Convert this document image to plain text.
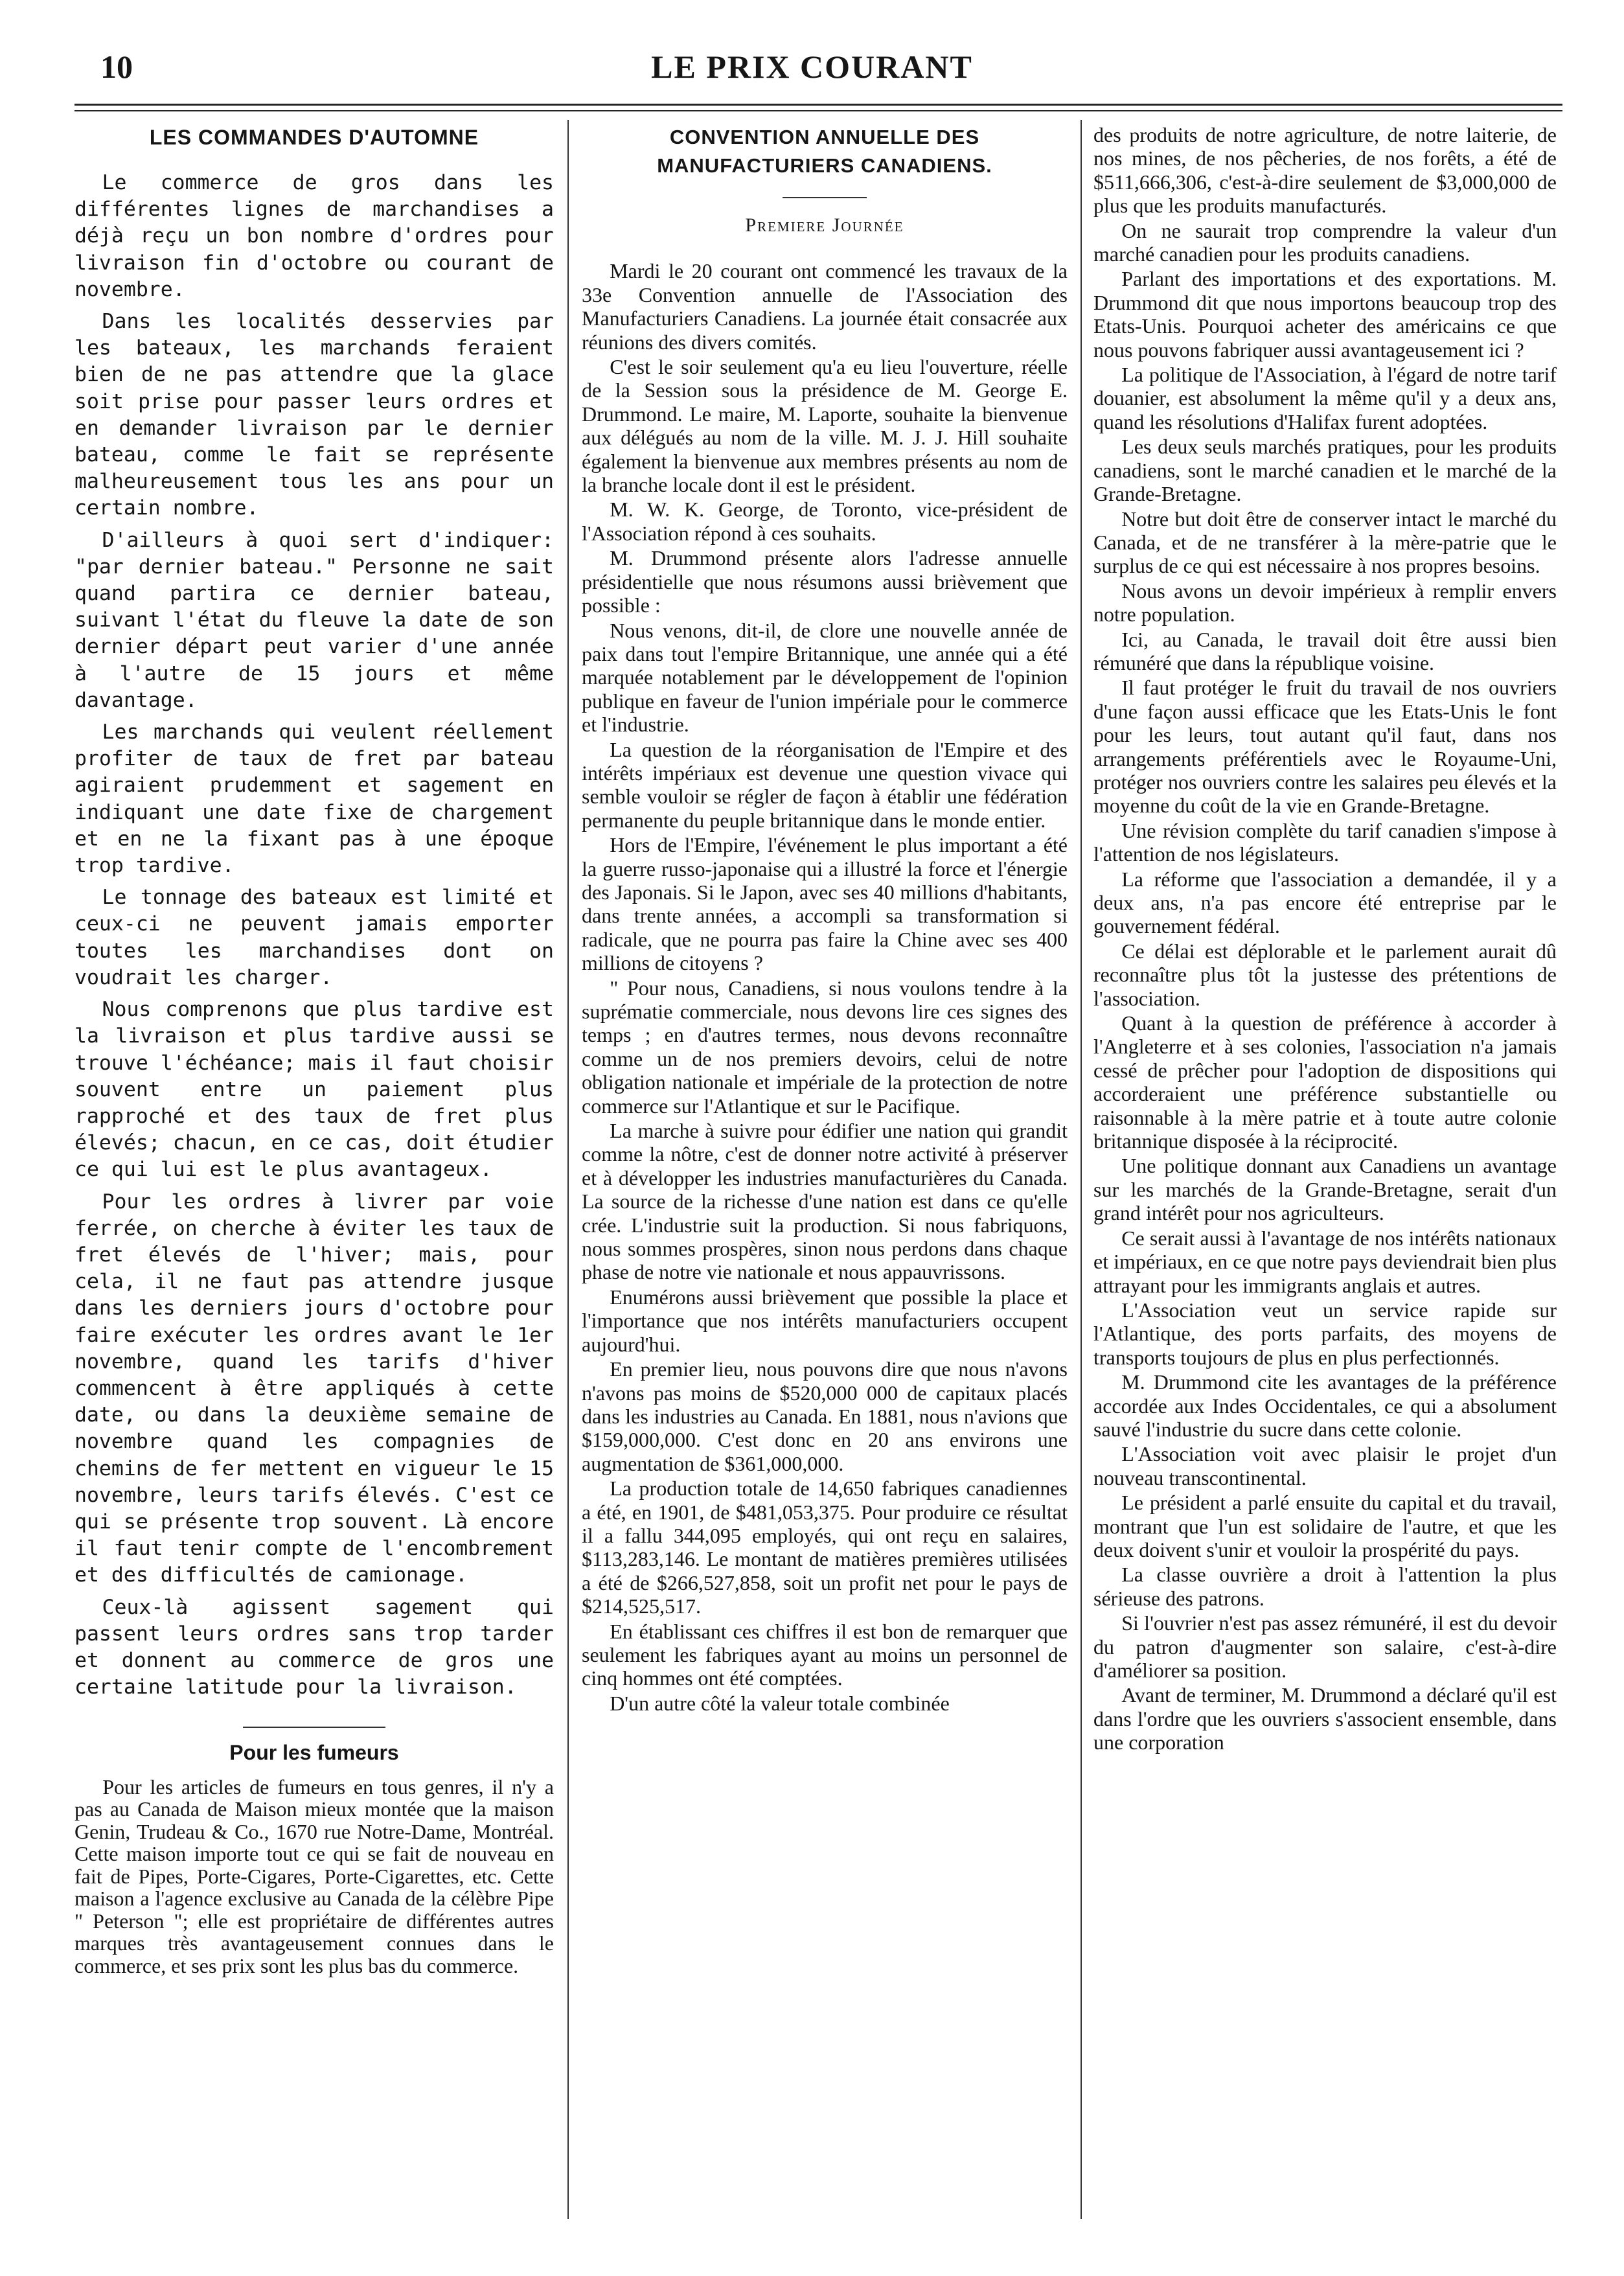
10	LE PRIX COURANT
LES COMMANDES D'AUTOMNE

Le commerce de gros dans les différentes lignes de marchandises a déjà reçu un bon nombre d'ordres pour livraison fin d'octobre ou courant de novembre.

Dans les localités desservies par les bateaux, les marchands feraient bien de ne pas attendre que la glace soit prise pour passer leurs ordres et en demander livraison par le dernier bateau, comme le fait se représente malheureusement tous les ans pour un certain nombre.

D'ailleurs à quoi sert d'indiquer: "par dernier bateau." Personne ne sait quand partira ce dernier bateau, suivant l'état du fleuve la date de son dernier départ peut varier d'une année à l'autre de 15 jours et même davantage.

Les marchands qui veulent réellement profiter de taux de fret par bateau agiraient prudemment et sagement en indiquant une date fixe de chargement et en ne la fixant pas à une époque trop tardive.

Le tonnage des bateaux est limité et ceux-ci ne peuvent jamais emporter toutes les marchandises dont on voudrait les charger.

Nous comprenons que plus tardive est la livraison et plus tardive aussi se trouve l'échéance; mais il faut choisir souvent entre un paiement plus rapproché et des taux de fret plus élevés; chacun, en ce cas, doit étudier ce qui lui est le plus avantageux.

Pour les ordres à livrer par voie ferrée, on cherche à éviter les taux de fret élevés de l'hiver; mais, pour cela, il ne faut pas attendre jusque dans les derniers jours d'octobre pour faire exécuter les ordres avant le 1er novembre, quand les tarifs d'hiver commencent à être appliqués à cette date, ou dans la deuxième semaine de novembre quand les compagnies de chemins de fer mettent en vigueur le 15 novembre, leurs tarifs élevés. C'est ce qui se présente trop souvent. Là encore il faut tenir compte de l'encombrement et des difficultés de camionage.

Ceux-là agissent sagement qui passent leurs ordres sans trop tarder et donnent au commerce de gros une certaine latitude pour la livraison.

Pour les fumeurs

Pour les articles de fumeurs en tous genres, il n'y a pas au Canada de Maison mieux montée que la maison Genin, Trudeau & Co., 1670 rue Notre-Dame, Montréal. Cette maison importe tout ce qui se fait de nouveau en fait de Pipes, Porte-Cigares, Porte-Cigarettes, etc. Cette maison a l'agence exclusive au Canada de la célèbre Pipe " Peterson "; elle est propriétaire de différentes autres marques très avantageusement connues dans le commerce, et ses prix sont les plus bas du commerce.

CONVENTION ANNUELLE DES MANUFACTURIERS CANADIENS.
Premiere Journée

Mardi le 20 courant ont commencé les travaux de la 33e Convention annuelle de l'Association des Manufacturiers Canadiens. La journée était consacrée aux réunions des divers comités.

C'est le soir seulement qu'a eu lieu l'ouverture, réelle de la Session sous la présidence de M. George E. Drummond. Le maire, M. Laporte, souhaite la bienvenue aux délégués au nom de la ville. M. J. J. Hill souhaite également la bienvenue aux membres présents au nom de la branche locale dont il est le président.

M. W. K. George, de Toronto, vice-président de l'Association répond à ces souhaits.

M. Drummond présente alors l'adresse annuelle présidentielle que nous résumons aussi brièvement que possible :

Nous venons, dit-il, de clore une nouvelle année de paix dans tout l'empire Britannique, une année qui a été marquée notablement par le développement de l'opinion publique en faveur de l'union impériale pour le commerce et l'industrie.

La question de la réorganisation de l'Empire et des intérêts impériaux est devenue une question vivace qui semble vouloir se régler de façon à établir une fédération permanente du peuple britannique dans le monde entier.

Hors de l'Empire, l'événement le plus important a été la guerre russo-japonaise qui a illustré la force et l'énergie des Japonais. Si le Japon, avec ses 40 millions d'habitants, dans trente années, a accompli sa transformation si radicale, que ne pourra pas faire la Chine avec ses 400 millions de citoyens ?

" Pour nous, Canadiens, si nous voulons tendre à la suprématie commerciale, nous devons lire ces signes des temps ; en d'autres termes, nous devons reconnaître comme un de nos premiers devoirs, celui de notre obligation nationale et impériale de la protection de notre commerce sur l'Atlantique et sur le Pacifique.

La marche à suivre pour édifier une nation qui grandit comme la nôtre, c'est de donner notre activité à préserver et à développer les industries manufacturières du Canada. La source de la richesse d'une nation est dans ce qu'elle crée. L'industrie suit la production. Si nous fabriquons, nous sommes prospères, sinon nous perdons dans chaque phase de notre vie nationale et nous appauvrissons.

Enumérons aussi brièvement que possible la place et l'importance que nos intérêts manufacturiers occupent aujourd'hui.

En premier lieu, nous pouvons dire que nous n'avons n'avons pas moins de $520,000 000 de capitaux placés dans les industries au Canada. En 1881, nous n'avions que $159,000,000. C'est donc en 20 ans environs une augmentation de $361,000,000.

La production totale de 14,650 fabriques canadiennes a été, en 1901, de $481,053,375. Pour produire ce résultat il a fallu 344,095 employés, qui ont reçu en salaires, $113,283,146. Le montant de matières premières utilisées a été de $266,527,858, soit un profit net pour le pays de $214,525,517.

En établissant ces chiffres il est bon de remarquer que seulement les fabriques ayant au moins un personnel de cinq hommes ont été comptées.

D'un autre côté la valeur totale combinée

des produits de notre agriculture, de notre laiterie, de nos mines, de nos pêcheries, de nos forêts, a été de $511,666,306, c'est-à-dire seulement de $3,000,000 de plus que les produits manufacturés.

On ne saurait trop comprendre la valeur d'un marché canadien pour les produits canadiens.

Parlant des importations et des exportations. M. Drummond dit que nous importons beaucoup trop des Etats-Unis. Pourquoi acheter des américains ce que nous pouvons fabriquer aussi avantageusement ici ?

La politique de l'Association, à l'égard de notre tarif douanier, est absolument la même qu'il y a deux ans, quand les résolutions d'Halifax furent adoptées.

Les deux seuls marchés pratiques, pour les produits canadiens, sont le marché canadien et le marché de la Grande-Bretagne.

Notre but doit être de conserver intact le marché du Canada, et de ne transférer à la mère-patrie que le surplus de ce qui est nécessaire à nos propres besoins.

Nous avons un devoir impérieux à remplir envers notre population.

Ici, au Canada, le travail doit être aussi bien rémunéré que dans la république voisine.

Il faut protéger le fruit du travail de nos ouvriers d'une façon aussi efficace que les Etats-Unis le font pour les leurs, tout autant qu'il faut, dans nos arrangements préférentiels avec le Royaume-Uni, protéger nos ouvriers contre les salaires peu élevés et la moyenne du coût de la vie en Grande-Bretagne.

Une révision complète du tarif canadien s'impose à l'attention de nos législateurs.

La réforme que l'association a demandée, il y a deux ans, n'a pas encore été entreprise par le gouvernement fédéral.

Ce délai est déplorable et le parlement aurait dû reconnaître plus tôt la justesse des prétentions de l'association.

Quant à la question de préférence à accorder à l'Angleterre et à ses colonies, l'association n'a jamais cessé de prêcher pour l'adoption de dispositions qui accorderaient une préférence substantielle ou raisonnable à la mère patrie et à toute autre colonie britannique disposée à la réciprocité.

Une politique donnant aux Canadiens un avantage sur les marchés de la Grande-Bretagne, serait d'un grand intérêt pour nos agriculteurs.

Ce serait aussi à l'avantage de nos intérêts nationaux et impériaux, en ce que notre pays deviendrait bien plus attrayant pour les immigrants anglais et autres.

L'Association veut un service rapide sur l'Atlantique, des ports parfaits, des moyens de transports toujours de plus en plus perfectionnés.

M. Drummond cite les avantages de la préférence accordée aux Indes Occidentales, ce qui a absolument sauvé l'industrie du sucre dans cette colonie.

L'Association voit avec plaisir le projet d'un nouveau transcontinental.

Le président a parlé ensuite du capital et du travail, montrant que l'un est solidaire de l'autre, et que les deux doivent s'unir et vouloir la prospérité du pays.

La classe ouvrière a droit à l'attention la plus sérieuse des patrons.

Si l'ouvrier n'est pas assez rémunéré, il est du devoir du patron d'augmenter son salaire, c'est-à-dire d'améliorer sa position.

Avant de terminer, M. Drummond a déclaré qu'il est dans l'ordre que les ouvriers s'associent ensemble, dans une corporation
